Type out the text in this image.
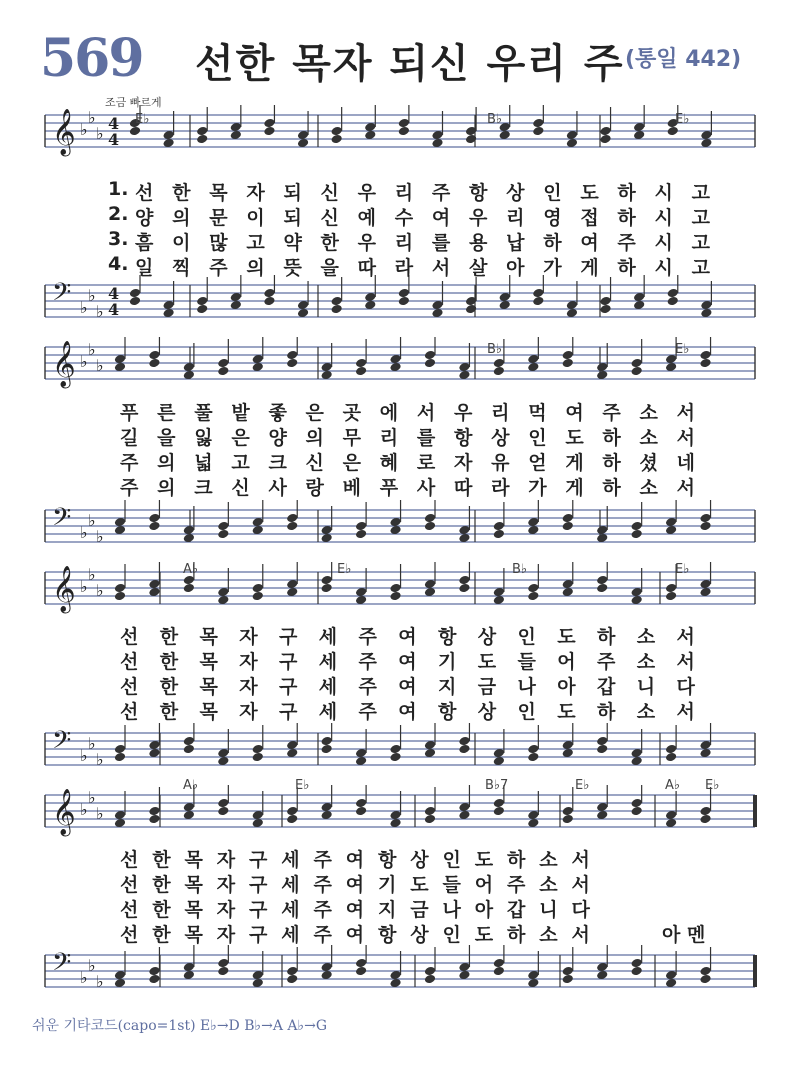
569 선한 목자 되신 우리 주 (통일 442)
조금 빠르게
𝄞 ♭
♭
♭
4
4
𝄢 ♭
♭
♭
4
4
E♭	B♭	E♭
1. 선 한 목 자 되 신 우 리 주 항 상 인 도 하 시 고
2. 양 의 문 이 되 신 예 수 여 우 리 영 접 하 시 고
3. 흠 이 많 고 약 한 우 리 를 용 납 하 여 주 시 고
4. 일 찍 주 의 뜻 을 따 라 서 살 아 가 게 하 시 고
𝄞 ♭
♭
♭
𝄢 ♭
♭
♭
B♭	E♭
푸 른 풀 밭 좋 은 곳 에 서 우 리 먹 여 주 소 서
길 을 잃 은 양 의 무 리 를 항 상 인 도 하 소 서
주 의 넓 고 크 신 은 혜 로 자 유 얻 게 하 셨 네
주 의 크 신 사 랑 베 푸 사 따 라 가 게 하 소 서
𝄞 ♭
♭
♭
𝄢 ♭
♭
♭
A♭	E♭	B♭	E♭
선 한 목 자 구 세 주 여 항 상 인 도 하 소 서
선 한 목 자 구 세 주 여 기 도 들 어 주 소 서
선 한 목 자 구 세 주 여 지 금 나 아 갑 니 다
선 한 목 자 구 세 주 여 항 상 인 도 하 소 서
𝄞 ♭
♭
♭
𝄢 ♭
♭
♭
A♭	E♭	B♭7	E♭	A♭ E♭
선 한 목 자 구 세 주 여 항 상 인 도 하 소 서
선 한 목 자 구 세 주 여 기 도 들 어 주 소 서
선 한 목 자 구 세 주 여 지 금 나 아 갑 니 다
선 한 목 자 구 세 주 여 항 상 인 도 하 소 서	아 멘
쉬운 기타코드(capo=1st) E♭→D B♭→A A♭→G
